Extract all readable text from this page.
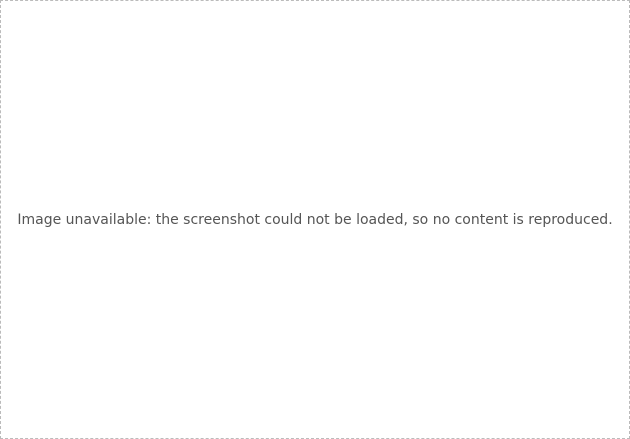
Image unavailable: the screenshot could not be loaded, so no content is reproduced.
